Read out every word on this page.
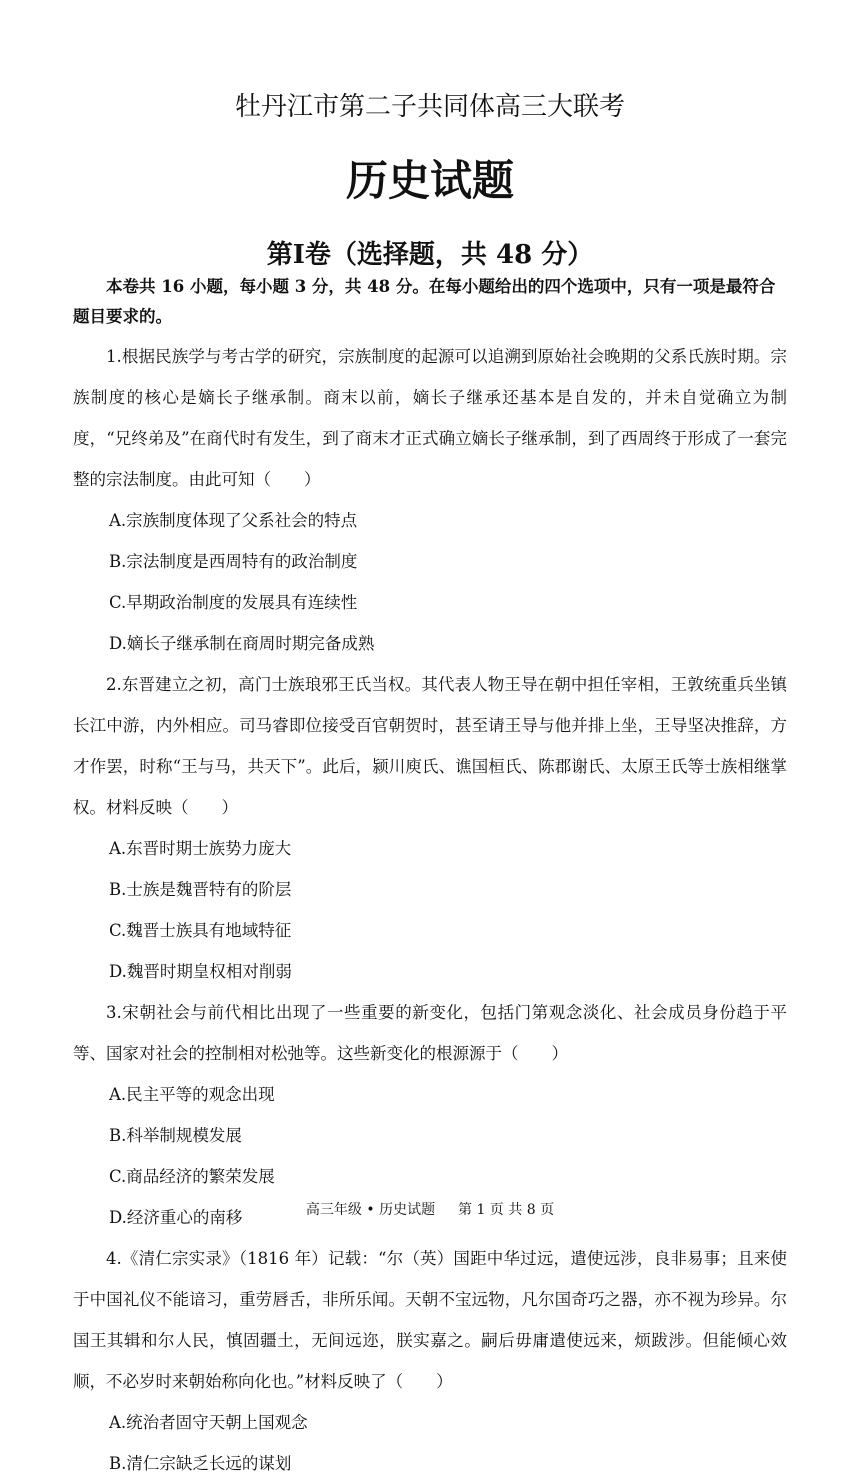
牡丹江市第二子共同体高三大联考
历史试题
第Ⅰ卷（选择题，共 48 分）

本卷共 16 小题，每小题 3 分，共 48 分。在每小题给出的四个选项中，只有一项是最符合题目要求的。

1.根据民族学与考古学的研究，宗族制度的起源可以追溯到原始社会晚期的父系氏族时期。宗族制度的核心是嫡长子继承制。商末以前，嫡长子继承还基本是自发的，并未自觉确立为制度，“兄终弟及”在商代时有发生，到了商末才正式确立嫡长子继承制，到了西周终于形成了一套完整的宗法制度。由此可知（　　）

A.宗族制度体现了父系社会的特点
B.宗法制度是西周特有的政治制度
C.早期政治制度的发展具有连续性
D.嫡长子继承制在商周时期完备成熟

2.东晋建立之初，高门士族琅邪王氏当权。其代表人物王导在朝中担任宰相，王敦统重兵坐镇长江中游，内外相应。司马睿即位接受百官朝贺时，甚至请王导与他并排上坐，王导坚决推辞，方才作罢，时称“王与马，共天下”。此后，颍川庾氏、谯国桓氏、陈郡谢氏、太原王氏等士族相继掌权。材料反映（　　）

A.东晋时期士族势力庞大
B.士族是魏晋特有的阶层
C.魏晋士族具有地域特征
D.魏晋时期皇权相对削弱

3.宋朝社会与前代相比出现了一些重要的新变化，包括门第观念淡化、社会成员身份趋于平等、国家对社会的控制相对松弛等。这些新变化的根源源于（　　）

A.民主平等的观念出现
B.科举制规模发展
C.商品经济的繁荣发展
D.经济重心的南移

4.《清仁宗实录》（1816 年）记载：“尔（英）国距中华过远，遣使远涉，良非易事；且来使于中国礼仪不能谙习，重劳唇舌，非所乐闻。天朝不宝远物，凡尔国奇巧之器，亦不视为珍异。尔国王其辑和尔人民，慎固疆土，无间远迩，朕实嘉之。嗣后毋庸遣使远来，烦跋涉。但能倾心效顺，不必岁时来朝始称向化也。”材料反映了（　　）

A.统治者固守天朝上国观念
B.清仁宗缺乏长远的谋划
高三年级 • 历史试题 　 第 1 页 共 8 页
